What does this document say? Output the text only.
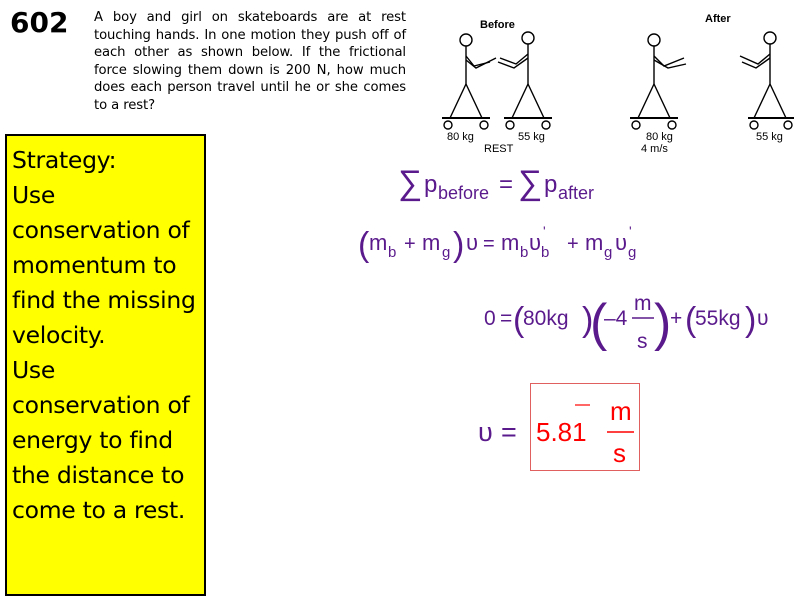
602 A boy and girl on skateboards are at rest touching hands. In one motion they push off of each other as shown below. If the frictional force slowing them down is 200 N, how much does each person travel until he or she comes to a rest?
Before	After
80 kg	55 kg
REST
80 kg
4 m/s
55 kg
Strategy:
Use
conservation of
momentum to
find the missing
velocity.
Use
conservation of
energy to find
the distance to
come to a rest.
∑ p before = ∑ p after
( m b + m g ) υ = m b υ '
b + m g υ '
g
0 = (
80kg )
(
–4
m
s )
+ (
55kg ) υ
υ = 5.81
m
s
